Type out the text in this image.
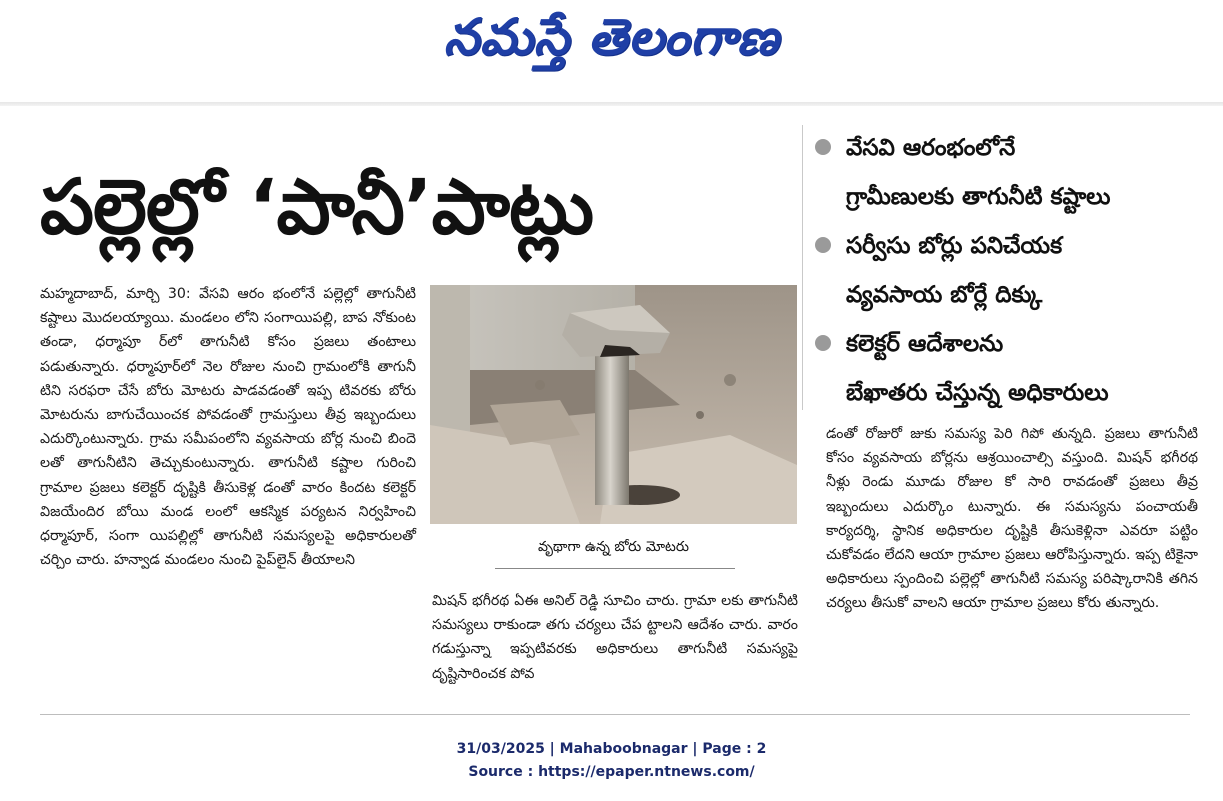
నమస్తే తెలంగాణ
పల్లెల్లో ‘పానీ’పాట్లు
వేసవి ఆరంభంలోనే
గ్రామీణులకు తాగునీటి కష్టాలు
సర్వీసు బోర్లు పనిచేయక
వ్యవసాయ బోర్లే దిక్కు
కలెక్టర్ ఆదేశాలను
బేఖాతరు చేస్తున్న అధికారులు

మహ్మదాబాద్, మార్చి 30: వేసవి ఆరం భంలోనే పల్లెల్లో తాగునీటి కష్టాలు మొదలయ్యాయి. మండలం లోని సంగాయిపల్లి, బాప నోకుంట తండా, ధర్మాపూ ర్‌లో తాగునీటి కోసం ప్రజలు తంటాలు పడుతున్నారు. ధర్మాపూర్‌లో నెల రోజుల నుంచి గ్రామంలోకి తాగునీ టిని సరఫరా చేసే బోరు మోటరు పాడవడంతో ఇప్ప టివరకు బోరు మోటరును బాగుచేయించక పోవడంతో గ్రామస్తులు తీవ్ర ఇబ్బందులు ఎదుర్కొంటున్నారు. గ్రామ సమీపంలోని వ్యవసాయ బోర్ల నుంచి బిందె లతో తాగునీటిని తెచ్చుకుంటున్నారు. తాగునీటి కష్టాల గురించి గ్రామాల ప్రజలు కలెక్టర్ దృష్టికి తీసుకెళ్ల డంతో వారం కిందట కలెక్టర్ విజయేందిర బోయి మండ లంలో ఆకస్మిక పర్యటన నిర్వహించి ధర్మాపూర్, సంగా యిపల్లిల్లో తాగునీటి సమస్యలపై అధికారులతో చర్చిం చారు. హన్వాడ మండలం నుంచి పైప్‌లైన్ తీయాలని

వృథాగా ఉన్న బోరు మోటరు

మిషన్ భగీరథ ఏఈ అనిల్ రెడ్డి సూచిం చారు. గ్రామా లకు తాగునీటి సమస్యలు రాకుండా తగు చర్యలు చేప ట్టాలని ఆదేశం చారు. వారం గడుస్తున్నా ఇప్పటివరకు అధికారులు తాగునీటి సమస్యపై దృష్టిసారించక పోవ

డంతో రోజురో జుకు సమస్య పెరి గిపో తున్నది. ప్రజలు తాగునీటి కోసం వ్యవసాయ బోర్లను ఆశ్రయించాల్సి వస్తుంది. మిషన్ భగీరథ నీళ్లు రెండు మూడు రోజుల కో సారి రావడంతో ప్రజలు తీవ్ర ఇబ్బందులు ఎదుర్కొం టున్నారు. ఈ సమస్యను పంచాయతీ కార్యదర్శి, స్థానిక అధికారుల దృష్టికి తీసుకెళ్లినా ఎవరూ పట్టిం చుకోవడం లేదని ఆయా గ్రామాల ప్రజలు ఆరోపిస్తున్నారు. ఇప్ప టికైనా అధికారులు స్పందించి పల్లెల్లో తాగునీటి సమస్య పరిష్కారానికి తగిన చర్యలు తీసుకో వాలని ఆయా గ్రామాల ప్రజలు కోరు తున్నారు.

31/03/2025 | Mahaboobnagar | Page : 2
Source : https://epaper.ntnews.com/
